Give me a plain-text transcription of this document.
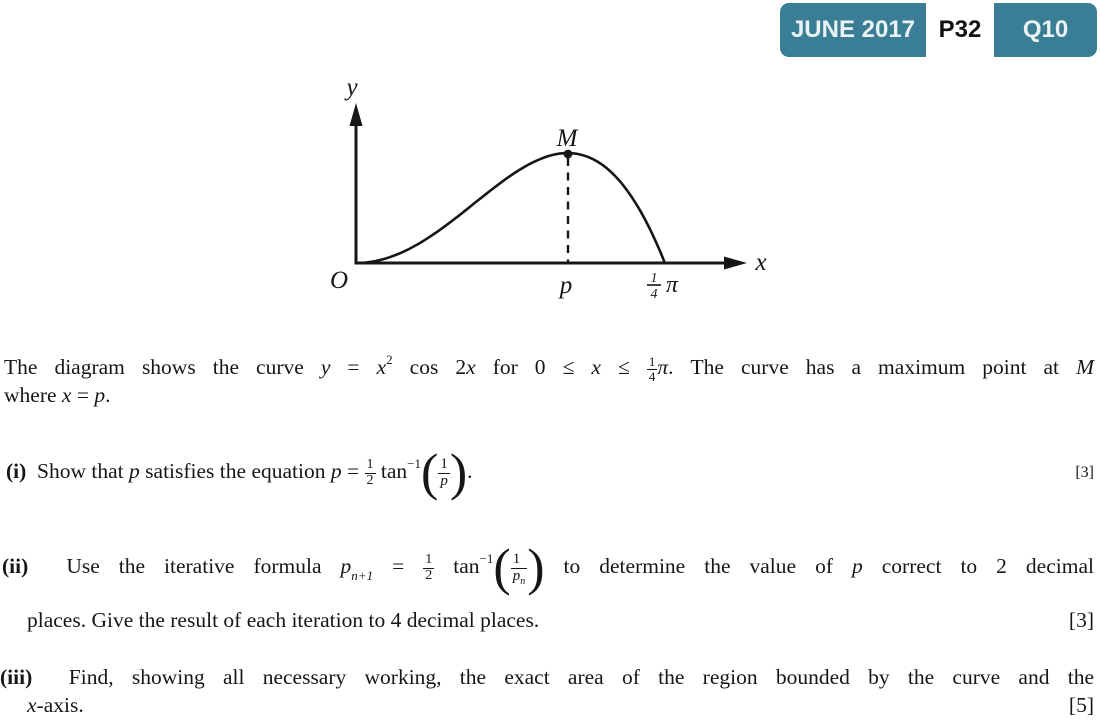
JUNE 2017 P32	Q10
y
x
O
M
p	1
4 π
The diagram shows the curve $y = x^2$ cos 2x for $0 \le x \le \frac{1}{4} \pi$. The curve has a maximum point at M
where x = p.
(i) Show that p satisfies the equation $p = \frac{1}{2} \tan^{-1}( \frac{1}{p}$ ).	[3]
(ii) Use the iterative formula $p_{n+1} = \frac{1}{2} \tan^{-1}( \frac{1}{p_n}$ ) to determine the value of p correct to 2 decimal
places. Give the result of each iteration to 4 decimal places.	[3]
(iii) Find, showing all necessary working, the exact area of the region bounded by the curve and the
x-axis.	[5]
